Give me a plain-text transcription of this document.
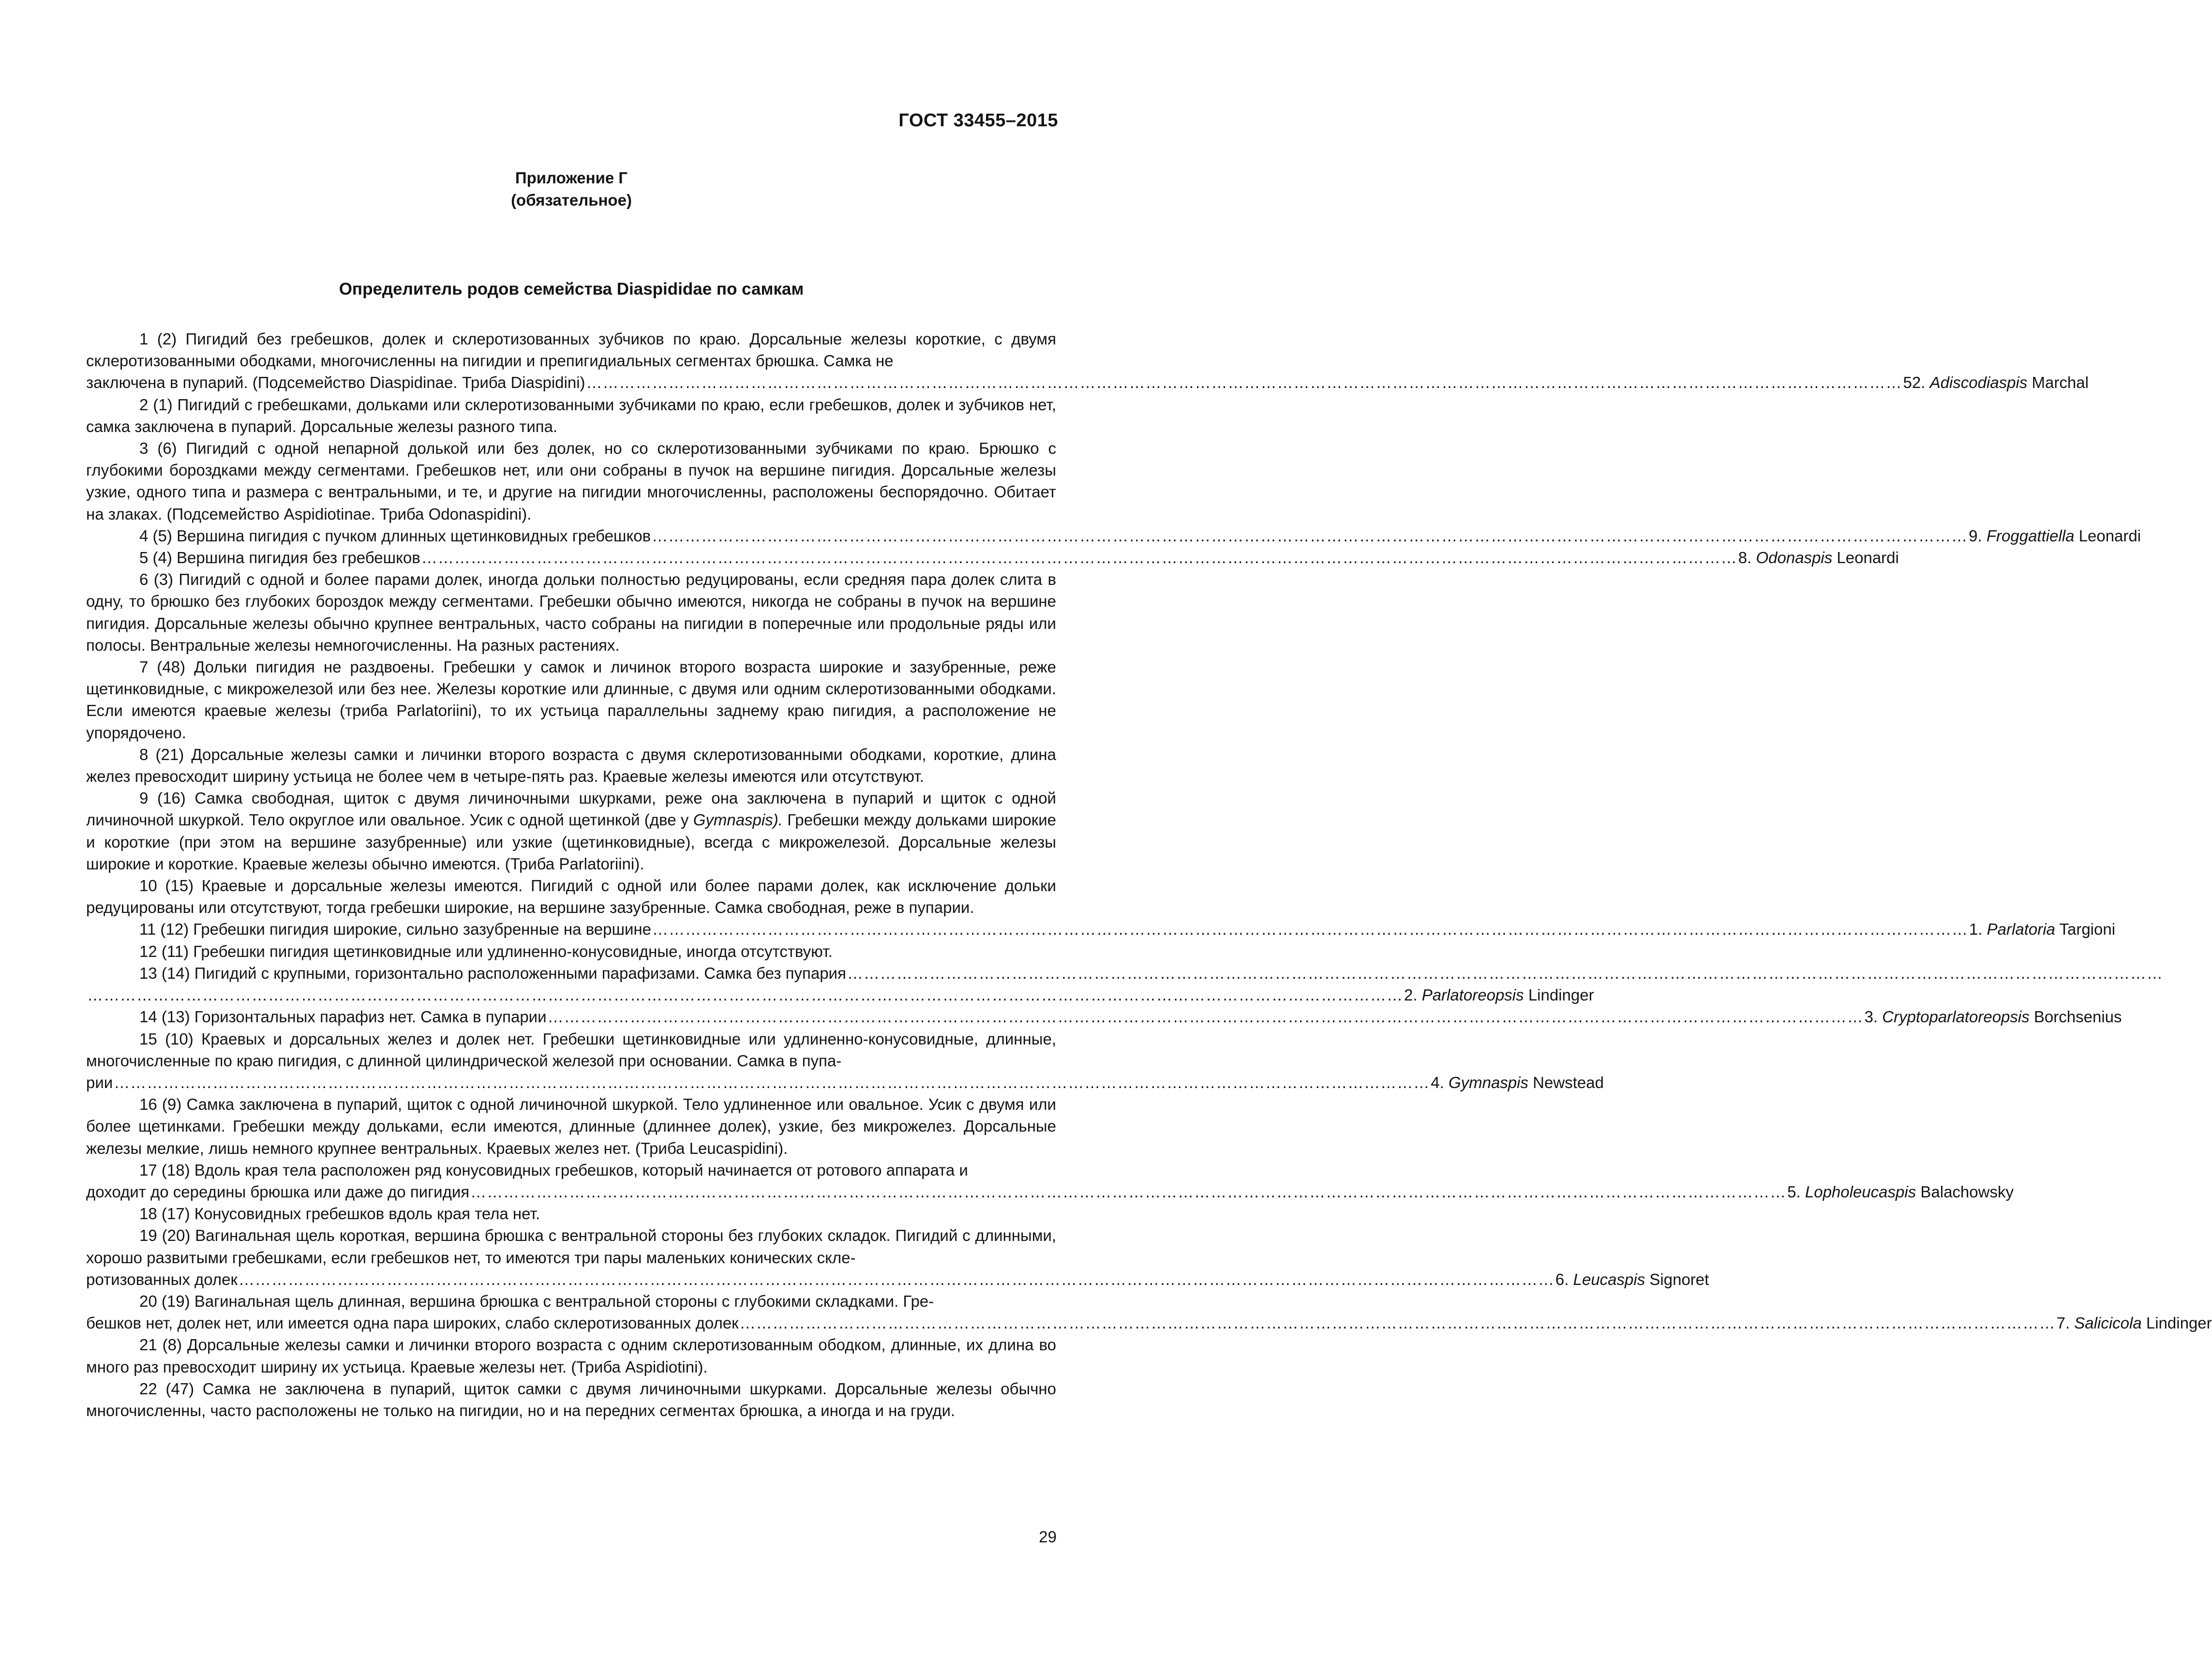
ГОСТ 33455–2015
Приложение Г
(обязательное)
Определитель родов семейства Diaspididae по самкам

1 (2) Пигидий без гребешков, долек и склеротизованных зубчиков по краю. Дорсальные железы короткие, с двумя склеротизованными ободками, многочисленны на пигидии и препигидиальных сегментах брюшка. Самка не

заключена в пупарий. (Подсемейство Diaspidinae. Триба Diaspidini) …………………………………………………………………………………………………………………………………………………………………………………………………………………… 52. Adiscodiaspis Marchal

2 (1) Пигидий с гребешками, дольками или склеротизованными зубчиками по краю, если гребешков, долек и зубчиков нет, самка заключена в пупарий. Дорсальные железы разного типа.

3 (6) Пигидий с одной непарной долькой или без долек, но со склеротизованными зубчиками по краю. Брюшко с глубокими бороздками между сегментами. Гребешков нет, или они собраны в пучок на вершине пигидия. Дорсальные железы узкие, одного типа и размера с вентральными, и те, и другие на пигидии многочисленны, расположены беспорядочно. Обитает на злаках. (Подсемейство Aspidiotinae. Триба Odonaspidini).

4 (5) Вершина пигидия с пучком длинных щетинковидных гребешков …………………………………………………………………………………………………………………………………………………………………………………………………………………… 9. Froggattiella Leonardi
5 (4) Вершина пигидия без гребешков …………………………………………………………………………………………………………………………………………………………………………………………………………………… 8. Odonaspis Leonardi

6 (3) Пигидий с одной и более парами долек, иногда дольки полностью редуцированы, если средняя пара долек слита в одну, то брюшко без глубоких бороздок между сегментами. Гребешки обычно имеются, никогда не собраны в пучок на вершине пигидия. Дорсальные железы обычно крупнее вентральных, часто собраны на пигидии в поперечные или продольные ряды или полосы. Вентральные железы немногочисленны. На разных растениях.

7 (48) Дольки пигидия не раздвоены. Гребешки у самок и личинок второго возраста широкие и зазубренные, реже щетинковидные, с микрожелезой или без нее. Железы короткие или длинные, с двумя или одним склеротизованными ободками. Если имеются краевые железы (триба Parlatoriini), то их устьица параллельны заднему краю пигидия, а расположение не упорядочено.

8 (21) Дорсальные железы самки и личинки второго возраста с двумя склеротизованными ободками, короткие, длина желез превосходит ширину устьица не более чем в четыре-пять раз. Краевые железы имеются или отсутствуют.

9 (16) Самка свободная, щиток с двумя личиночными шкурками, реже она заключена в пупарий и щиток с одной личиночной шкуркой. Тело округлое или овальное. Усик с одной щетинкой (две у Gymnaspis). Гребешки между дольками широкие и короткие (при этом на вершине зазубренные) или узкие (щетинковидные), всегда с микрожелезой. Дорсальные железы широкие и короткие. Краевые железы обычно имеются. (Триба Parlatoriini).

10 (15) Краевые и дорсальные железы имеются. Пигидий с одной или более парами долек, как исключение дольки редуцированы или отсутствуют, тогда гребешки широкие, на вершине зазубренные. Самка свободная, реже в пупарии.

11 (12) Гребешки пигидия широкие, сильно зазубренные на вершине …………………………………………………………………………………………………………………………………………………………………………………………………………………… 1. Parlatoria Targioni

12 (11) Гребешки пигидия щетинковидные или удлиненно-конусовидные, иногда отсутствуют.

13 (14) Пигидий с крупными, горизонтально расположенными парафизами. Самка без пупария ……………………………………………………………………………………………………………………………………………………………………………………………………………………
…………………………………………………………………………………………………………………………………………………………………………………………………………………… 2. Parlatoreopsis Lindinger
14 (13) Горизонтальных парафиз нет. Самка в пупарии …………………………………………………………………………………………………………………………………………………………………………………………………………………… 3. Cryptoparlatoreopsis Borchsenius

15 (10) Краевых и дорсальных желез и долек нет. Гребешки щетинковидные или удлиненно-конусовидные, длинные, многочисленные по краю пигидия, с длинной цилиндрической железой при основании. Самка в пупа-

рии …………………………………………………………………………………………………………………………………………………………………………………………………………………… 4. Gymnaspis Newstead

16 (9) Самка заключена в пупарий, щиток с одной личиночной шкуркой. Тело удлиненное или овальное. Усик с двумя или более щетинками. Гребешки между дольками, если имеются, длинные (длиннее долек), узкие, без микрожелез. Дорсальные железы мелкие, лишь немного крупнее вентральных. Краевых желез нет. (Триба Leucaspidini).

17 (18) Вдоль края тела расположен ряд конусовидных гребешков, который начинается от ротового аппарата и

доходит до середины брюшка или даже до пигидия …………………………………………………………………………………………………………………………………………………………………………………………………………………… 5. Lopholeucaspis Balachowsky

18 (17) Конусовидных гребешков вдоль края тела нет.

19 (20) Вагинальная щель короткая, вершина брюшка с вентральной стороны без глубоких складок. Пигидий с длинными, хорошо развитыми гребешками, если гребешков нет, то имеются три пары маленьких конических скле-

ротизованных долек …………………………………………………………………………………………………………………………………………………………………………………………………………………… 6. Leucaspis Signoret

20 (19) Вагинальная щель длинная, вершина брюшка с вентральной стороны с глубокими складками. Гре-

бешков нет, долек нет, или имеется одна пара широких, слабо склеротизованных долек …………………………………………………………………………………………………………………………………………………………………………………………………………………… 7. Salicicola Lindinger

21 (8) Дорсальные железы самки и личинки второго возраста с одним склеротизованным ободком, длинные, их длина во много раз превосходит ширину их устьица. Краевые железы нет. (Триба Aspidiotini).

22 (47) Самка не заключена в пупарий, щиток самки с двумя личиночными шкурками. Дорсальные железы обычно многочисленны, часто расположены не только на пигидии, но и на передних сегментах брюшка, а иногда и на груди.

29
